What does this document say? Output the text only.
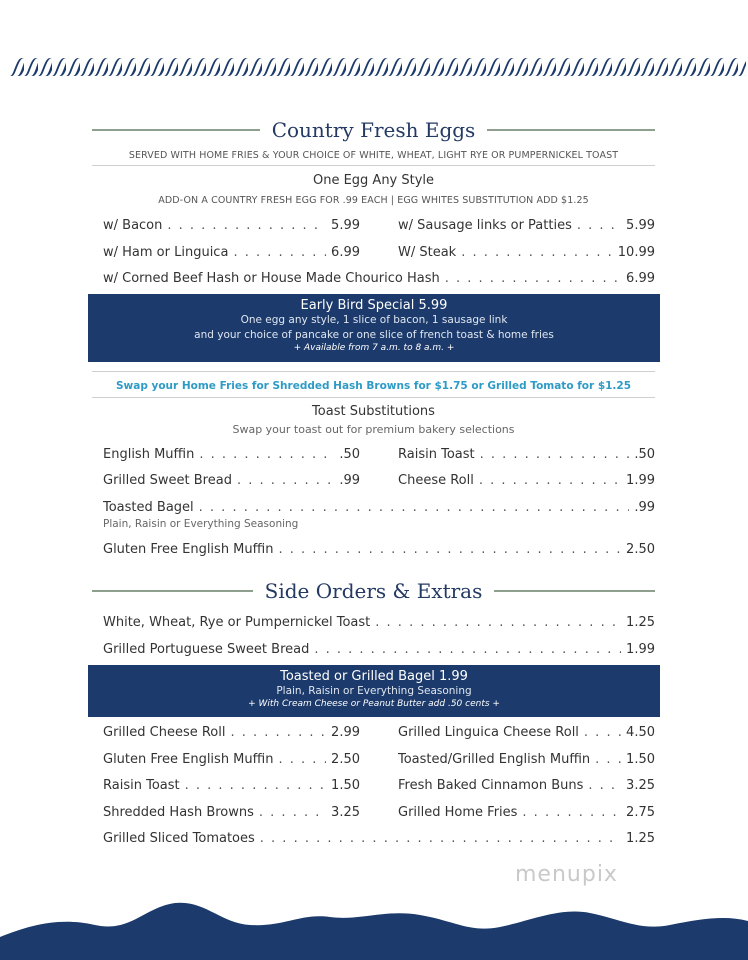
Country Fresh Eggs
SERVED WITH HOME FRIES & YOUR CHOICE OF WHITE, WHEAT, LIGHT RYE OR PUMPERNICKEL TOAST
One Egg Any Style
ADD-ON A COUNTRY FRESH EGG FOR .99 EACH | EGG WHITES SUBSTITUTION ADD $1.25
w/ Bacon . . .	5.99	w/ Sausage links or Patties . . .	5.99
w/ Ham or Linguica . . .	6.99	W/ Steak . . .	10.99
w/ Corned Beef Hash or House Made Chourico Hash . . .	6.99
Early Bird Special 5.99
One egg any style, 1 slice of bacon, 1 sausage link
and your choice of pancake or one slice of french toast & home fries
+ Available from 7 a.m. to 8 a.m. +
Swap your Home Fries for Shredded Hash Browns for $1.75 or Grilled Tomato for $1.25
Toast Substitutions
Swap your toast out for premium bakery selections
English Muffin . . .	.50	Raisin Toast . . .	.50
Grilled Sweet Bread . . .	.99	Cheese Roll . . .	1.99
Toasted Bagel . . .	.99
Plain, Raisin or Everything Seasoning
Gluten Free English Muffin . . .	2.50
Side Orders & Extras
White, Wheat, Rye or Pumpernickel Toast . . .	1.25
Grilled Portuguese Sweet Bread . . .	1.99
Toasted or Grilled Bagel 1.99
Plain, Raisin or Everything Seasoning
+ With Cream Cheese or Peanut Butter add .50 cents +
Grilled Cheese Roll . . .	2.99	Grilled Linguica Cheese Roll . . .	4.50
Gluten Free English Muffin . . .	2.50	Toasted/Grilled English Muffin . . .	1.50
Raisin Toast . . .	1.50	Fresh Baked Cinnamon Buns . . .	3.25
Shredded Hash Browns . . .	3.25	Grilled Home Fries . . .	2.75
Grilled Sliced Tomatoes . . .	1.25
menupix
